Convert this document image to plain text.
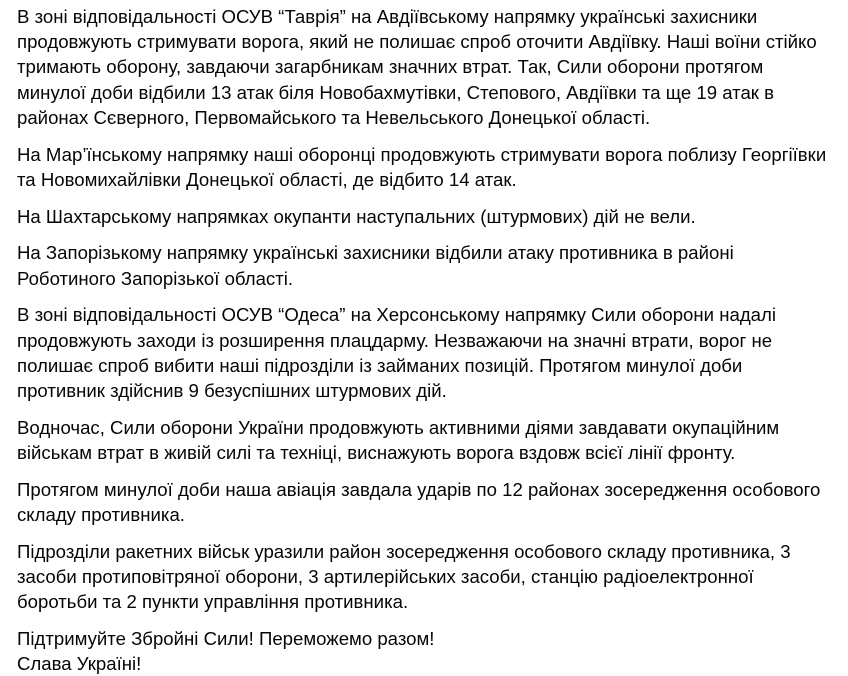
В зоні відповідальності ОСУВ “Таврія” на Авдіївському напрямку українські захисники продовжують стримувати ворога, який не полишає спроб оточити Авдіївку. Наші воїни стійко тримають оборону, завдаючи загарбникам значних втрат. Так, Сили оборони протягом минулої доби відбили 13 атак біля Новобахмутівки, Степового, Авдіївки та ще 19 атак в районах Сєверного, Первомайського та Невельського Донецької області.

На Мар’їнському напрямку наші оборонці продовжують стримувати ворога поблизу Георгіївки та Новомихайлівки Донецької області, де відбито 14 атак.

На Шахтарському напрямках окупанти наступальних (штурмових) дій не вели.

На Запорізькому напрямку українські захисники відбили атаку противника в районі Роботиного Запорізької області.

В зоні відповідальності ОСУВ “Одеса” на Херсонському напрямку Сили оборони надалі продовжують заходи із розширення плацдарму. Незважаючи на значні втрати, ворог не полишає спроб вибити наші підрозділи із займаних позицій. Протягом минулої доби противник здійснив 9 безуспішних штурмових дій.

Водночас, Сили оборони України продовжують активними діями завдавати окупаційним військам втрат в живій силі та техніці, виснажують ворога вздовж всієї лінії фронту.

Протягом минулої доби наша авіація завдала ударів по 12 районах зосередження особового складу противника.

Підрозділи ракетних військ уразили район зосередження особового складу противника, 3 засоби протиповітряної оборони, 3 артилерійських засоби, станцію радіоелектронної боротьби та 2 пункти управління противника.

Підтримуйте Збройні Сили! Переможемо разом!
Слава Україні!
